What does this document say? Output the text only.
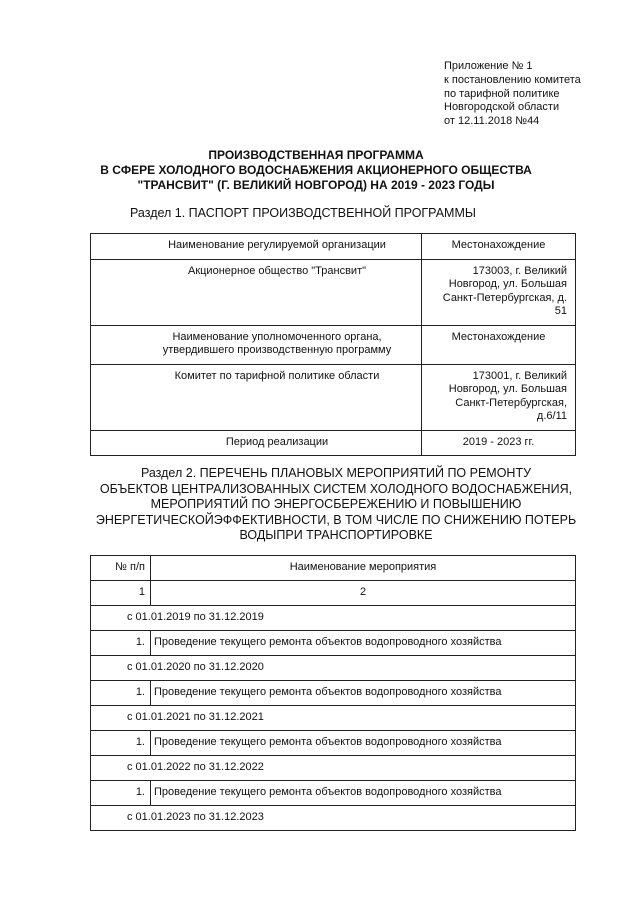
Приложение № 1
к постановлению комитета
по тарифной политике
Новгородской области
от 12.11.2018 №44
ПРОИЗВОДСТВЕННАЯ ПРОГРАММА
В СФЕРЕ ХОЛОДНОГО ВОДОСНАБЖЕНИЯ АКЦИОНЕРНОГО ОБЩЕСТВА
"ТРАНСВИТ" (Г. ВЕЛИКИЙ НОВГОРОД) НА 2019 - 2023 ГОДЫ
Раздел 1. ПАСПОРТ ПРОИЗВОДСТВЕННОЙ ПРОГРАММЫ
Наименование регулируемой организации	Местонахождение
Акционерное общество "Трансвит"	173003, г. Великий Новгород, ул. Большая Санкт-Петербургская, д. 51
Наименование уполномоченного органа, утвердившего производственную программу	Местонахождение
Комитет по тарифной политике области	173001, г. Великий Новгород, ул. Большая Санкт-Петербургская, д.6/11
Период реализации	2019 - 2023 гг.
Раздел 2. ПЕРЕЧЕНЬ ПЛАНОВЫХ МЕРОПРИЯТИЙ ПО РЕМОНТУ
ОБЪЕКТОВ ЦЕНТРАЛИЗОВАННЫХ СИСТЕМ ХОЛОДНОГО ВОДОСНАБЖЕНИЯ,
МЕРОПРИЯТИЙ ПО ЭНЕРГОСБЕРЕЖЕНИЮ И ПОВЫШЕНИЮ
ЭНЕРГЕТИЧЕСКОЙЭФФЕКТИВНОСТИ, В ТОМ ЧИСЛЕ ПО СНИЖЕНИЮ ПОТЕРЬ
ВОДЫПРИ ТРАНСПОРТИРОВКЕ
№ п/п	Наименование мероприятия
1	2
с 01.01.2019 по 31.12.2019	
1.	Проведение текущего ремонта объектов водопроводного хозяйства
с 01.01.2020 по 31.12.2020	
1.	Проведение текущего ремонта объектов водопроводного хозяйства
с 01.01.2021 по 31.12.2021	
1.	Проведение текущего ремонта объектов водопроводного хозяйства
с 01.01.2022 по 31.12.2022	
1.	Проведение текущего ремонта объектов водопроводного хозяйства
с 01.01.2023 по 31.12.2023	
